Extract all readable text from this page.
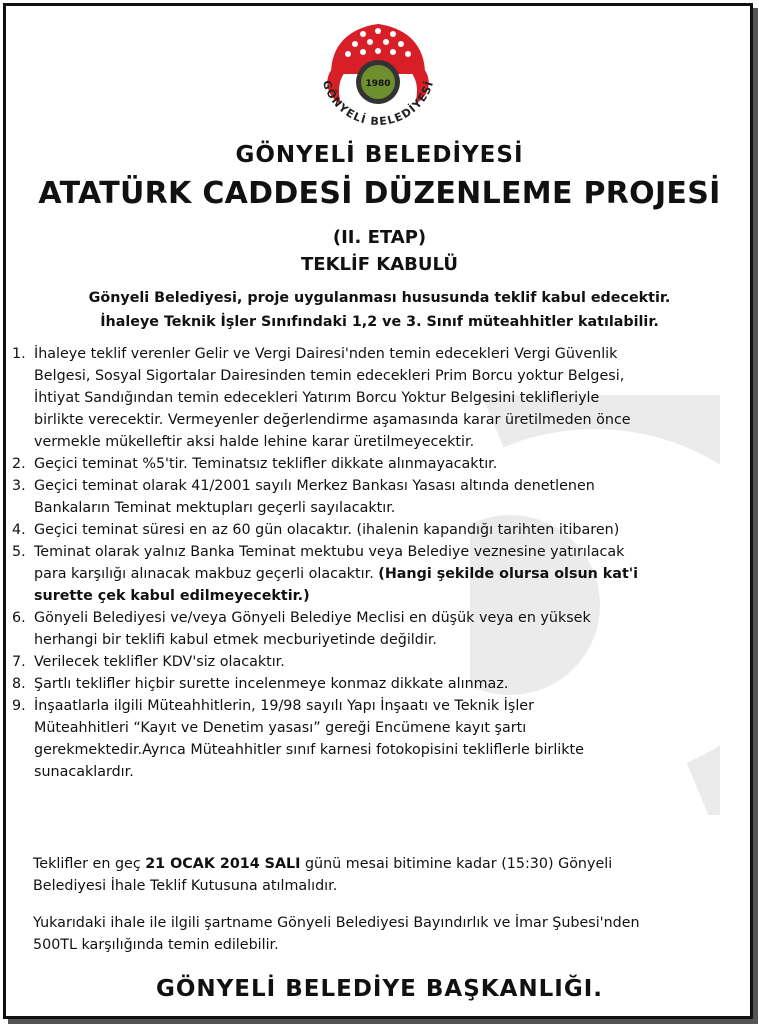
1980
GÖNYELİ BELEDİYESİ
GÖNYELİ BELEDİYESİ
ATATÜRK CADDESİ DÜZENLEME PROJESİ
(II. ETAP)
TEKLİF KABULÜ
Gönyeli Belediyesi, proje uygulanması hususunda teklif kabul edecektir.
İhaleye Teknik İşler Sınıfındaki 1,2 ve 3. Sınıf müteahhitler katılabilir.
1. İhaleye teklif verenler Gelir ve Vergi Dairesi'nden temin edecekleri Vergi Güvenlik
Belgesi, Sosyal Sigortalar Dairesinden temin edecekleri Prim Borcu yoktur Belgesi,
İhtiyat Sandığından temin edecekleri Yatırım Borcu Yoktur Belgesini teklifleriyle
birlikte verecektir. Vermeyenler değerlendirme aşamasında karar üretilmeden önce
vermekle mükelleftir aksi halde lehine karar üretilmeyecektir.
2. Geçici teminat %5'tir. Teminatsız teklifler dikkate alınmayacaktır.
3. Geçici teminat olarak 41/2001 sayılı Merkez Bankası Yasası altında denetlenen
Bankaların Teminat mektupları geçerli sayılacaktır.
4. Geçici teminat süresi en az 60 gün olacaktır. (ihalenin kapandığı tarihten itibaren)
5. Teminat olarak yalnız Banka Teminat mektubu veya Belediye veznesine yatırılacak
para karşılığı alınacak makbuz geçerli olacaktır. (Hangi şekilde olursa olsun kat'i
surette çek kabul edilmeyecektir.)
6. Gönyeli Belediyesi ve/veya Gönyeli Belediye Meclisi en düşük veya en yüksek
herhangi bir teklifi kabul etmek mecburiyetinde değildir.
7. Verilecek teklifler KDV'siz olacaktır.
8. Şartlı teklifler hiçbir surette incelenmeye konmaz dikkate alınmaz.
9. İnşaatlarla ilgili Müteahhitlerin, 19/98 sayılı Yapı İnşaatı ve Teknik İşler
Müteahhitleri “Kayıt ve Denetim yasası” gereği Encümene kayıt şartı
gerekmektedir.Ayrıca Müteahhitler sınıf karnesi fotokopisini tekliflerle birlikte
sunacaklardır.
Teklifler en geç 21 OCAK 2014 SALI günü mesai bitimine kadar (15:30) Gönyeli
Belediyesi İhale Teklif Kutusuna atılmalıdır.
Yukarıdaki ihale ile ilgili şartname Gönyeli Belediyesi Bayındırlık ve İmar Şubesi'nden
500TL karşılığında temin edilebilir.
GÖNYELİ BELEDİYE BAŞKANLIĞI.
